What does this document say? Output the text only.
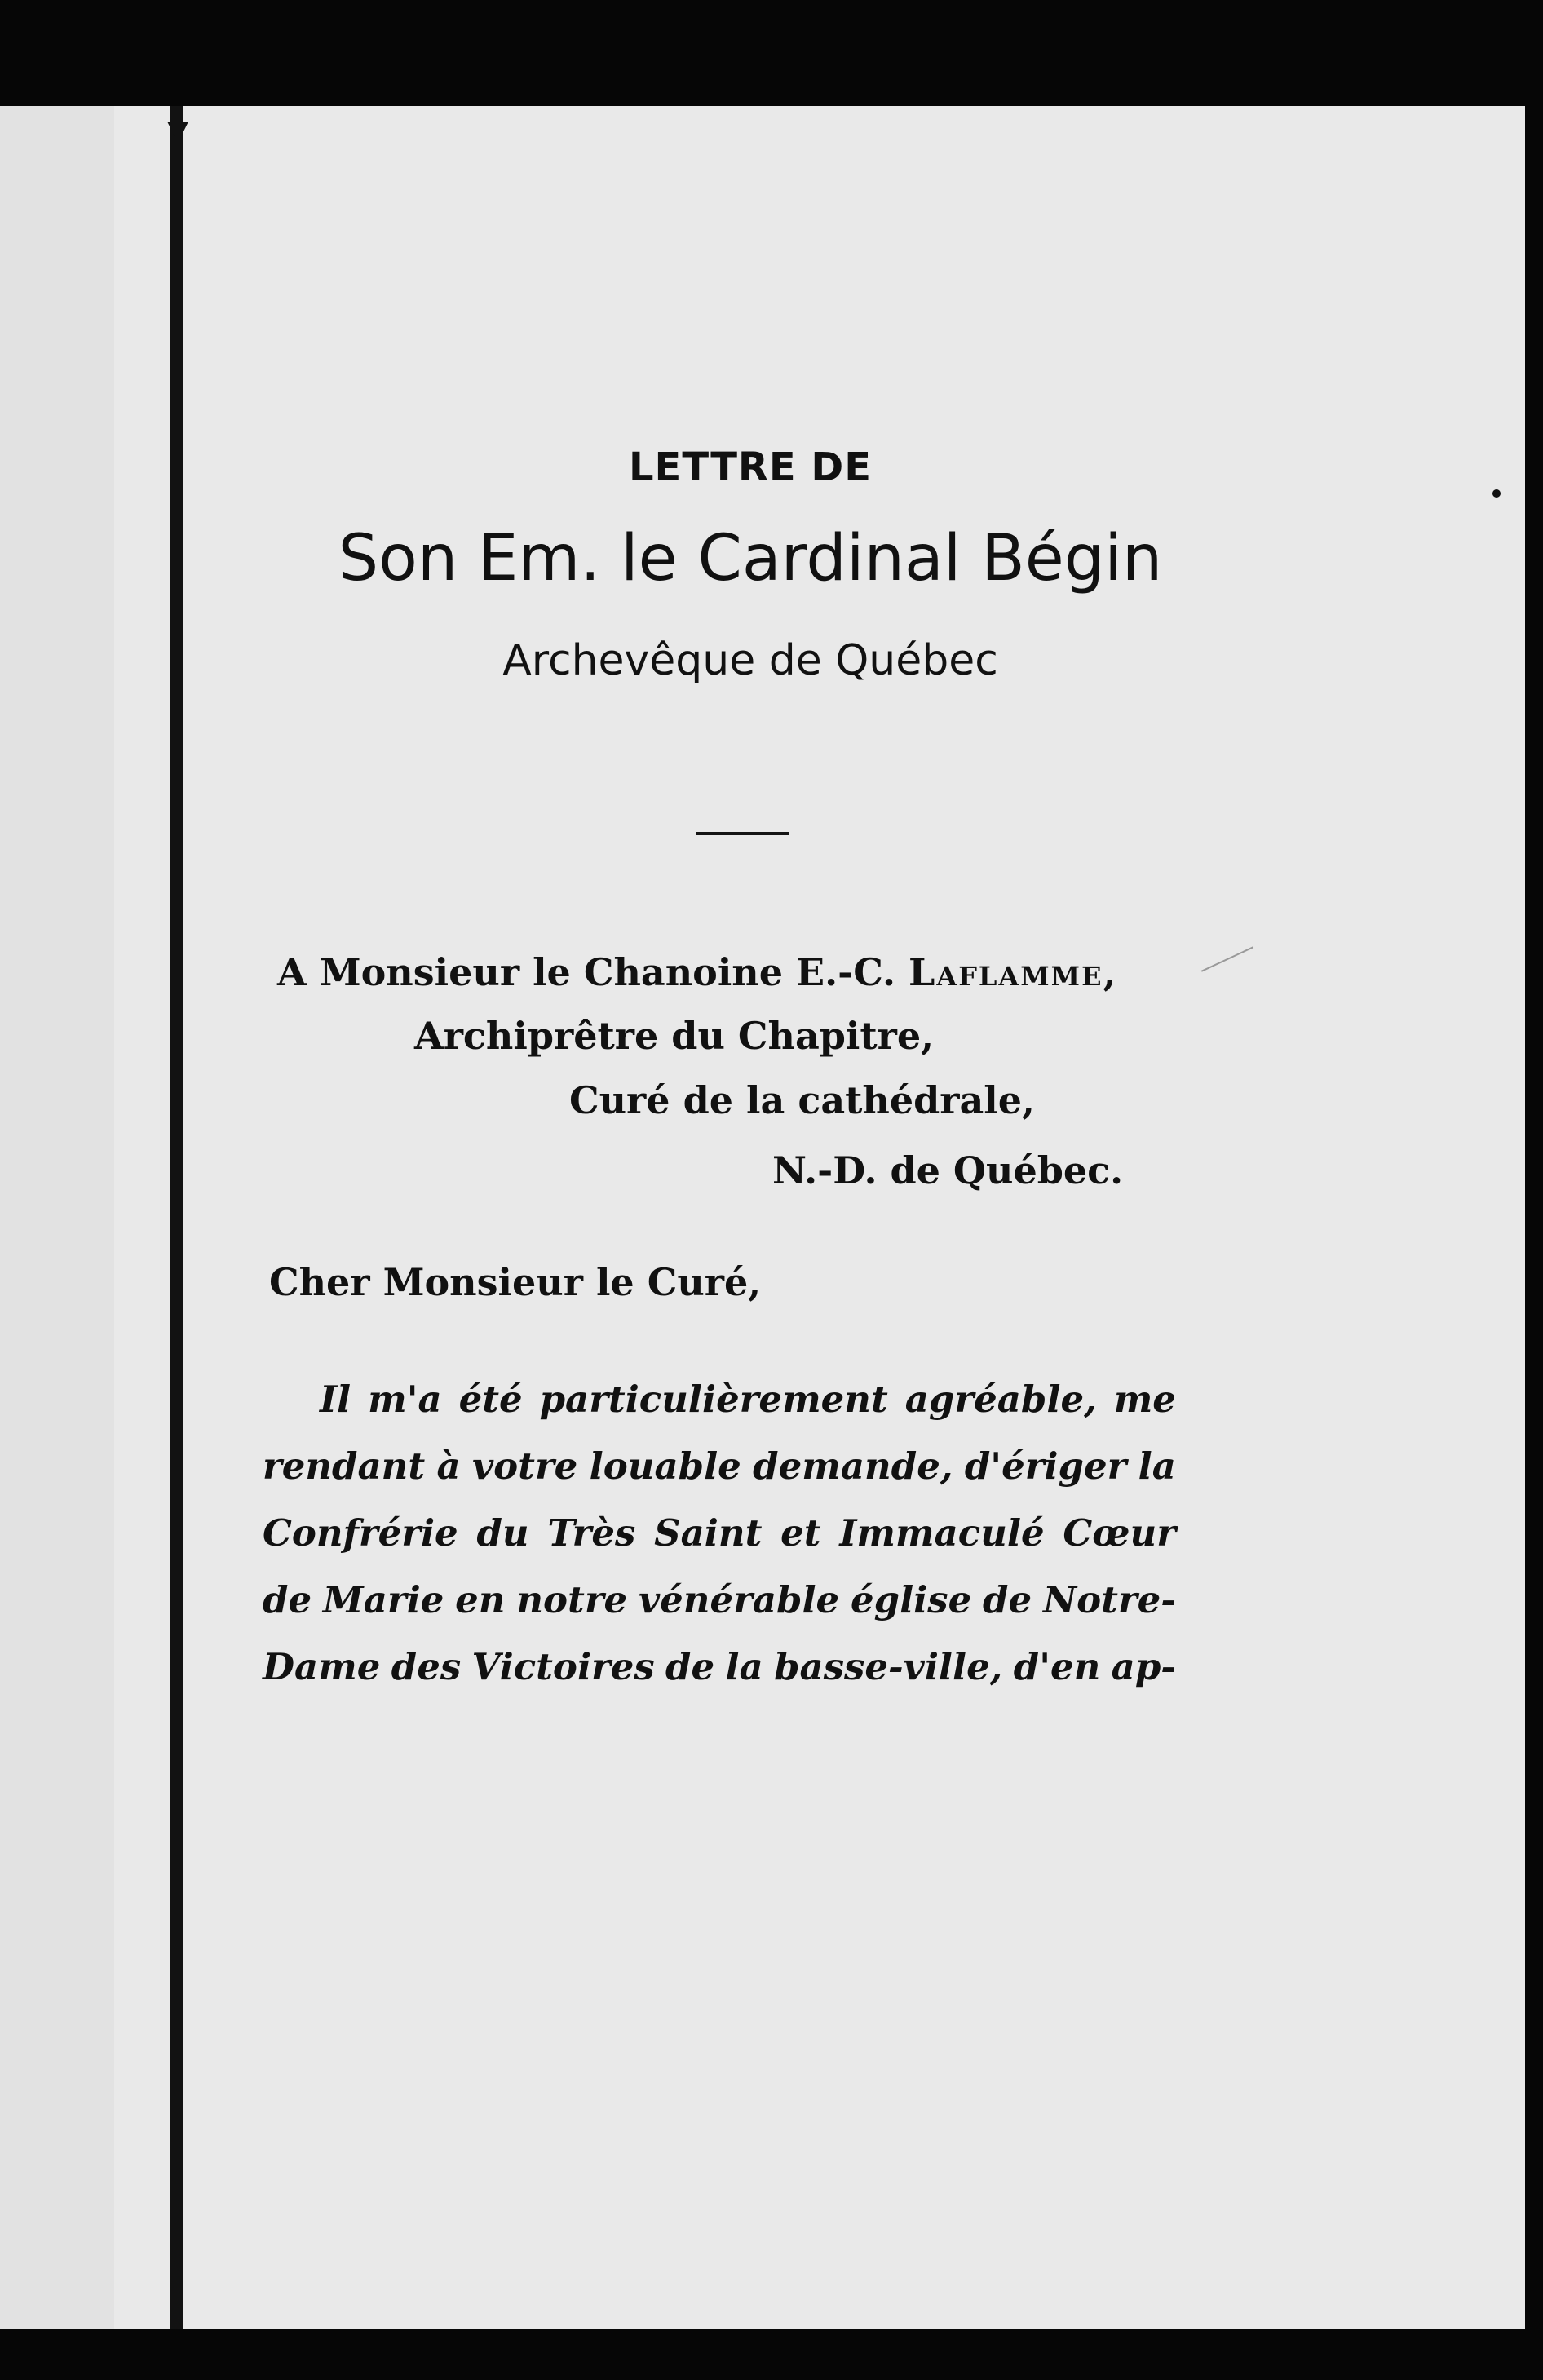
▼
LETTRE DE
Son Em. le Cardinal Bégin
Archevêque de Québec
A Monsieur le Chanoine E.-C. Laflamme,
Archiprêtre du Chapitre,
Curé de la cathédrale,
N.-D. de Québec.
Cher Monsieur le Curé,
Il m'a été particulièrement agréable, me
rendant à votre louable demande, d'ériger la
Confrérie du Très Saint et Immaculé Cœur
de Marie en notre vénérable église de Notre-
Dame des Victoires de la basse-ville, d'en ap-
